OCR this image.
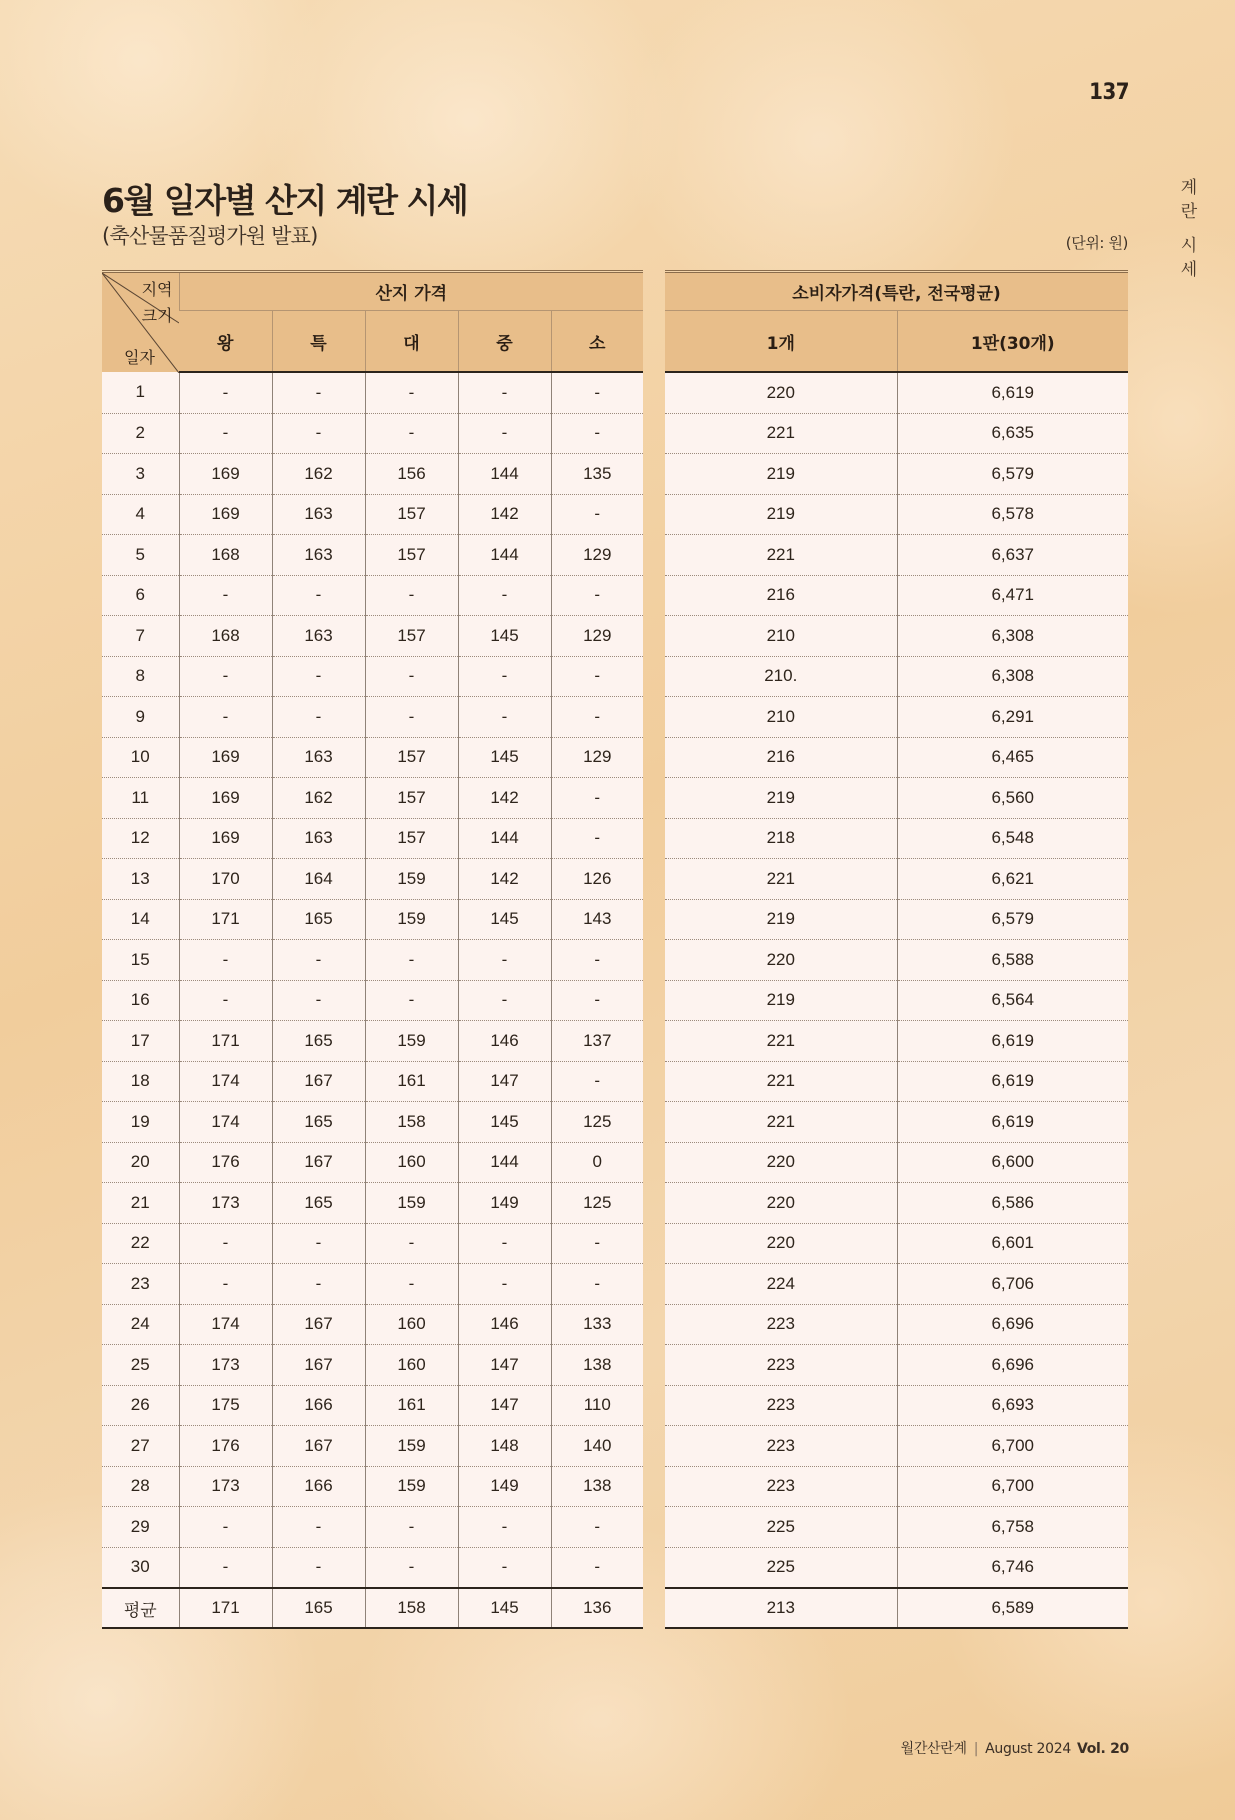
137
계
란
시
세
6월 일자별 산지 계란 시세
(축산물품질평가원 발표)	(단위: 원)
지역
크기
일자	산지 가격				
	왕	특	대	중	소
1	-	-	-	-	-
2	-	-	-	-	-
3	169	162	156	144	135
4	169	163	157	142	-
5	168	163	157	144	129
6	-	-	-	-	-
7	168	163	157	145	129
8	-	-	-	-	-
9	-	-	-	-	-
10	169	163	157	145	129
11	169	162	157	142	-
12	169	163	157	144	-
13	170	164	159	142	126
14	171	165	159	145	143
15	-	-	-	-	-
16	-	-	-	-	-
17	171	165	159	146	137
18	174	167	161	147	-
19	174	165	158	145	125
20	176	167	160	144	0
21	173	165	159	149	125
22	-	-	-	-	-
23	-	-	-	-	-
24	174	167	160	146	133
25	173	167	160	147	138
26	175	166	161	147	110
27	176	167	159	148	140
28	173	166	159	149	138
29	-	-	-	-	-
30	-	-	-	-	-
평균	171	165	158	145	136
소비자가격(특란, 전국평균)	
1개	1판(30개)
220	6,619
221	6,635
219	6,579
219	6,578
221	6,637
216	6,471
210	6,308
210.	6,308
210	6,291
216	6,465
219	6,560
218	6,548
221	6,621
219	6,579
220	6,588
219	6,564
221	6,619
221	6,619
221	6,619
220	6,600
220	6,586
220	6,601
224	6,706
223	6,696
223	6,696
223	6,693
223	6,700
223	6,700
225	6,758
225	6,746
213	6,589
월간산란계 | August 2024 Vol. 20
